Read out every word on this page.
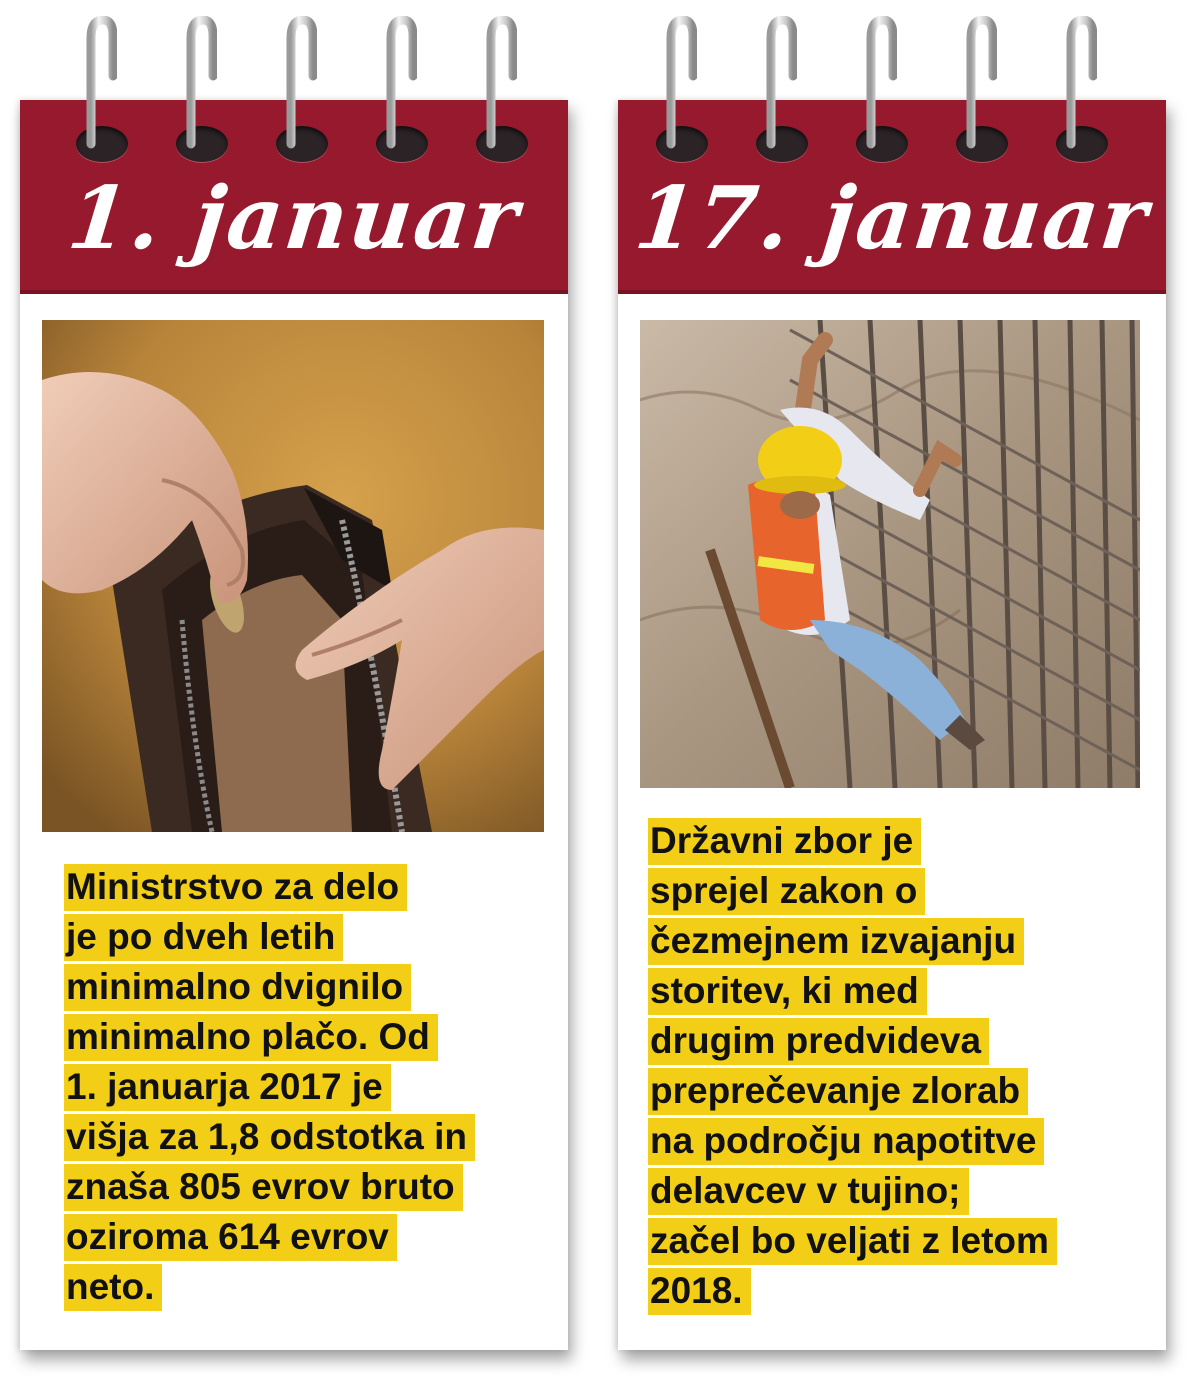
1. januar
Ministrstvo za delo
je po dveh letih
minimalno dvignilo
minimalno plačo. Od
1. januarja 2017 je
višja za 1,8 odstotka in
znaša 805 evrov bruto
oziroma 614 evrov
neto.
17. januar
Državni zbor je
sprejel zakon o
čezmejnem izvajanju
storitev, ki med
drugim predvideva
preprečevanje zlorab
na področju napotitve
delavcev v tujino;
začel bo veljati z letom
2018.
